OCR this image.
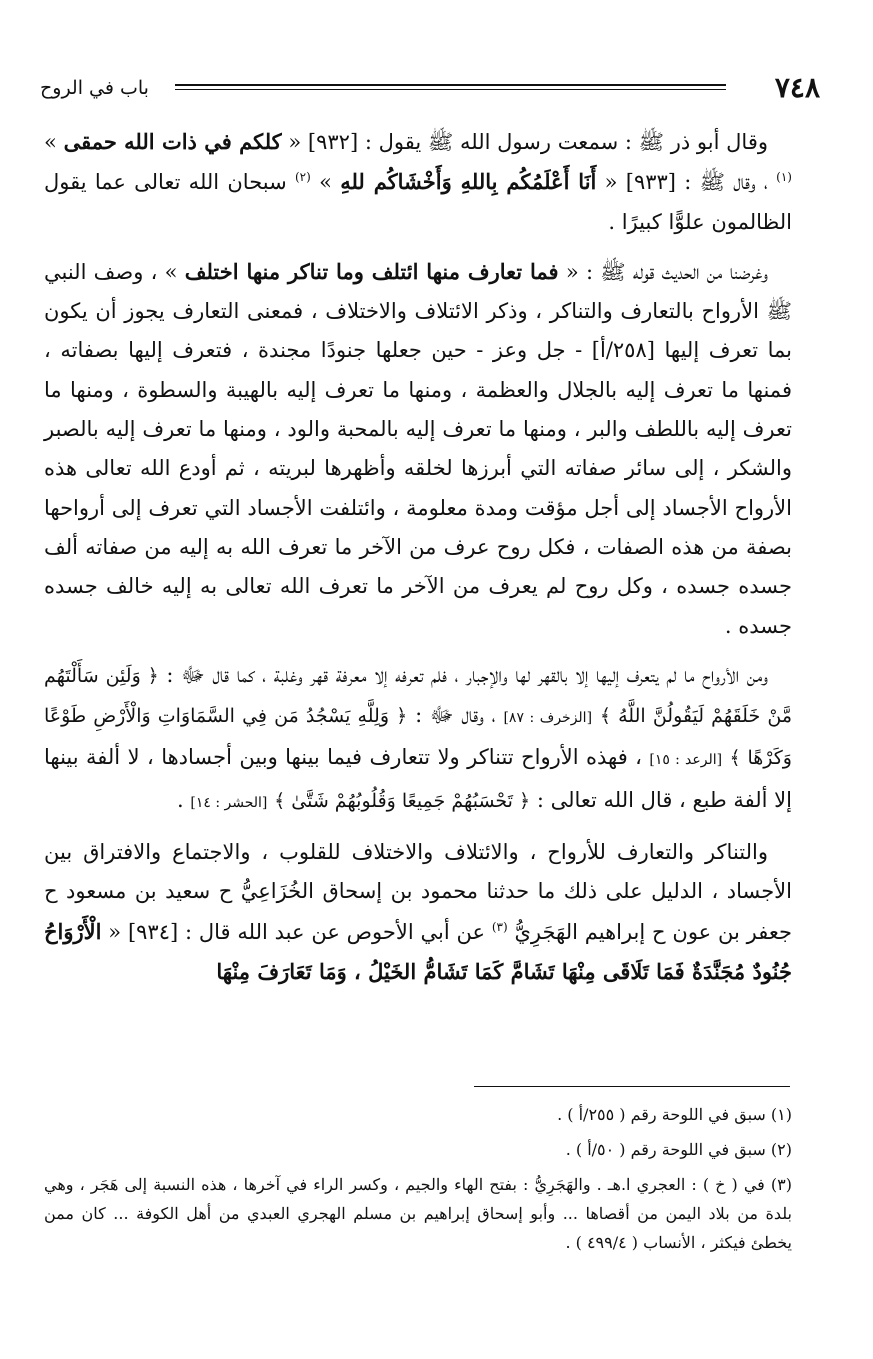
٧٤٨
باب في الروح

وقال أبو ذر ﷺ : سمعت رسول الله ﷺ يقول : [٩٣٢] « كلكم في ذات الله حمقى » $^{(١)}$ ، وقال ﷺ : [٩٣٣] « أَنَا أَعْلَمُكُم بِاللهِ وَأَخْشَاكُم للهِ » $^{(٢)}$ سبحان الله تعالى عما يقول الظالمون علوًّا كبيرًا .

وغرضنا من الحديث قوله ﷺ : « فما تعارف منها ائتلف وما تناكر منها اختلف » ، وصف النبي ﷺ الأرواح بالتعارف والتناكر ، وذكر الائتلاف والاختلاف ، فمعنى التعارف يجوز أن يكون بما تعرف إليها [٢٥٨/أ] - جل وعز - حين جعلها جنودًا مجندة ، فتعرف إليها بصفاته ، فمنها ما تعرف إليه بالجلال والعظمة ، ومنها ما تعرف إليه بالهيبة والسطوة ، ومنها ما تعرف إليه باللطف والبر ، ومنها ما تعرف إليه بالمحبة والود ، ومنها ما تعرف إليه بالصبر والشكر ، إلى سائر صفاته التي أبرزها لخلقه وأظهرها لبريته ، ثم أودع الله تعالى هذه الأرواح الأجساد إلى أجل مؤقت ومدة معلومة ، وائتلفت الأجساد التي تعرف إلى أرواحها بصفة من هذه الصفات ، فكل روح عرف من الآخر ما تعرف الله به إليه من صفاته ألف جسده جسده ، وكل روح لم يعرف من الآخر ما تعرف الله تعالى به إليه خالف جسده جسده .

ومن الأرواح ما لم يتعرف إليها إلا بالقهر لها والإجبار ، فلم تعرفه إلا معرفة قهر وغلبة ، كما قال ﷻ : ﴿ وَلَئِن سَأَلْتَهُم مَّنْ خَلَقَهُمْ لَيَقُولُنَّ اللَّهُ ﴾ [الزخرف : ٨٧] ، وقال ﷻ : ﴿ وَلِلَّهِ يَسْجُدُ مَن فِي السَّمَاوَاتِ وَالْأَرْضِ طَوْعًا وَكَرْهًا ﴾ [الرعد : ١٥] ، فهذه الأرواح تتناكر ولا تتعارف فيما بينها وبين أجسادها ، لا ألفة بينها إلا ألفة طبع ، قال الله تعالى : ﴿ تَحْسَبُهُمْ جَمِيعًا وَقُلُوبُهُمْ شَتَّىٰ ﴾ [الحشر : ١٤] .

والتناكر والتعارف للأرواح ، والائتلاف والاختلاف للقلوب ، والاجتماع والافتراق بين الأجساد ، الدليل على ذلك ما حدثنا محمود بن إسحاق الخُزَاعِيُّ ح سعيد بن مسعود ح جعفر بن عون ح إبراهيم الهَجَرِيُّ $^{(٣)}$ عن أبي الأحوص عن عبد الله قال : [٩٣٤] « الْأَرْوَاحُ جُنُودٌ مُجَنَّدَةٌ فَمَا تَلَاقَى مِنْهَا تَشَامَّ كَمَا تَشَامُّ الخَيْلُ ، وَمَا تَعَارَفَ مِنْهَا

(١) سبق في اللوحة رقم ( ٢٥٥/أ ) .

(٢) سبق في اللوحة رقم ( ٥٠/أ ) .

(٣) في ( خ ) : العجري ا.هـ . والهَجَرِيُّ : بفتح الهاء والجيم ، وكسر الراء في آخرها ، هذه النسبة إلى هَجَر ، وهي بلدة من بلاد اليمن من أقصاها ... وأبو إسحاق إبراهيم بن مسلم الهجري العبدي من أهل الكوفة ... كان ممن يخطئ فيكثر ، الأنساب ( ٤٩٩/٤ ) .
